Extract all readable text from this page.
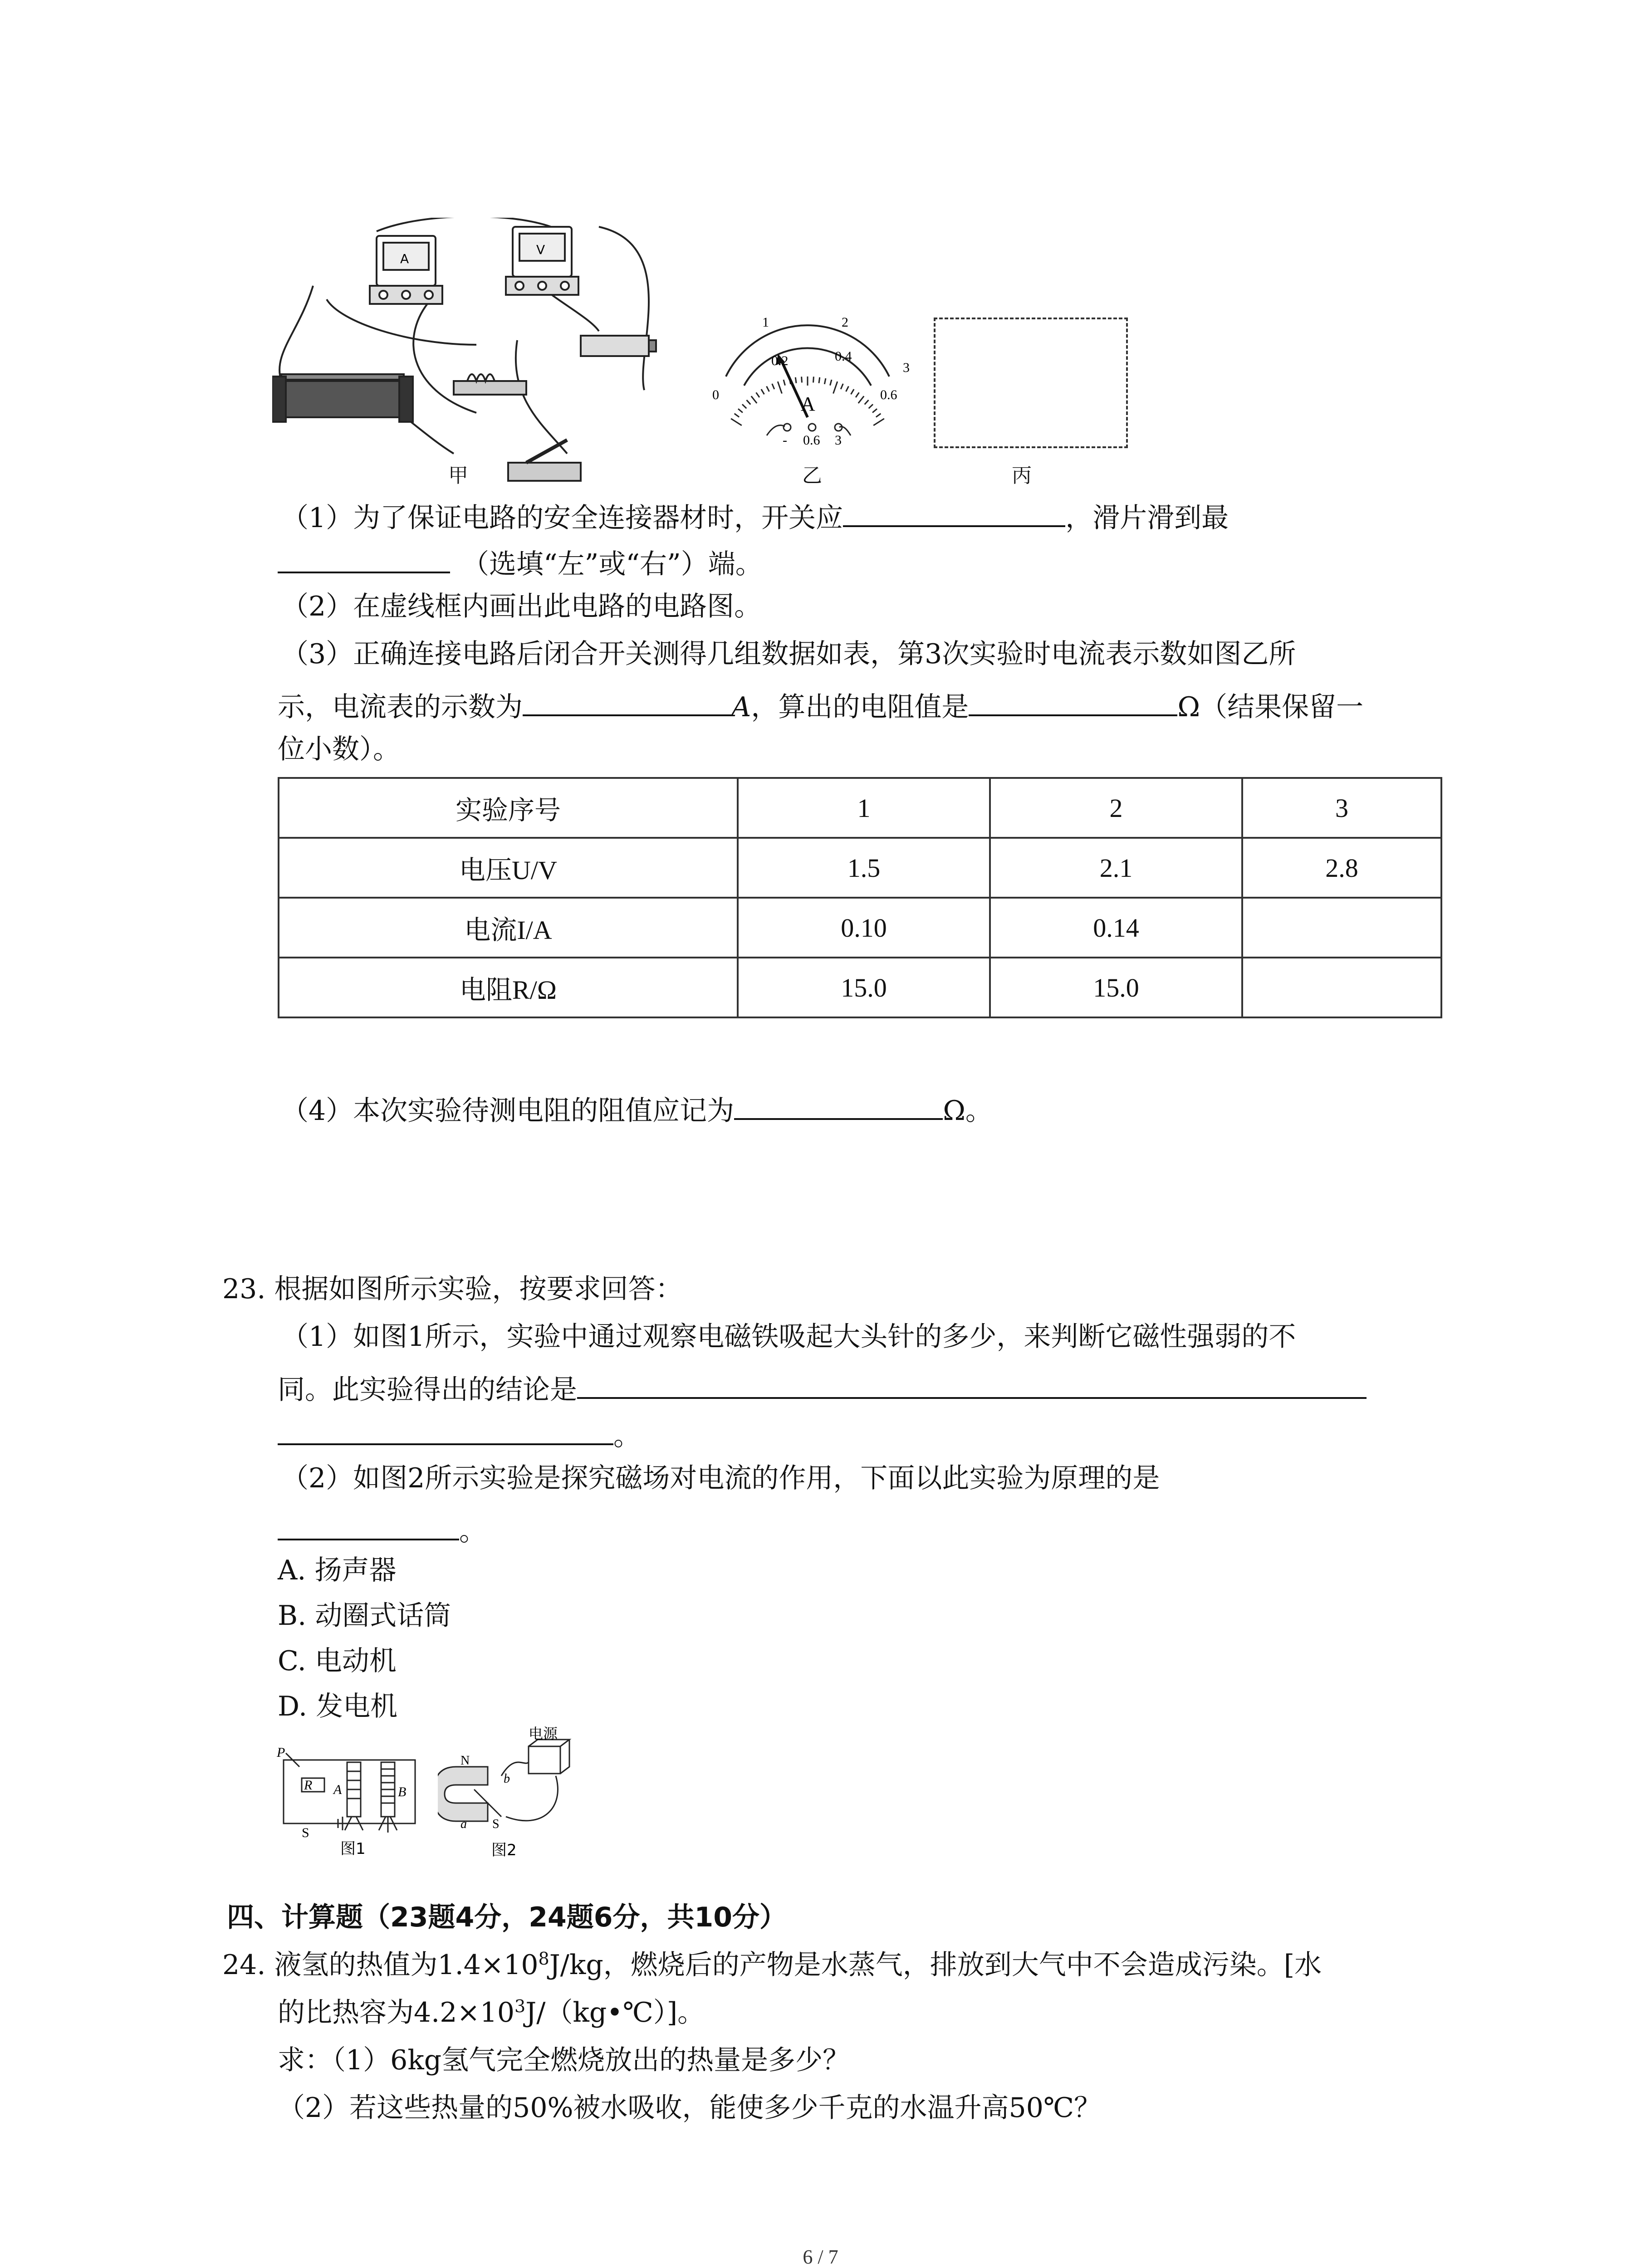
A
V
甲
1	2
3
0
0.2	0.4
0.6
A
- 0.6 3
乙	丙
（1）为了保证电路的安全连接器材时，开关应	，滑片滑到最
（选填“左”或“右”）端。
（2）在虚线框内画出此电路的电路图。
（3）正确连接电路后闭合开关测得几组数据如表，第3次实验时电流表示数如图乙所
示，电流表的示数为	A，算出的电阻值是	Ω（结果保留一
位小数）。
实验序号	1	2	3
电压U/V	1.5	2.1	2.8
电流I/A	0.10	0.14	
电阻R/Ω	15.0	15.0	
（4）本次实验待测电阻的阻值应记为	Ω。
23. 根据如图所示实验，按要求回答：
（1）如图1所示，实验中通过观察电磁铁吸起大头针的多少，来判断它磁性强弱的不
同。此实验得出的结论是
。
（2）如图2所示实验是探究磁场对电流的作用，下面以此实验为原理的是
。
A. 扬声器
B. 动圈式话筒
C. 电动机
D. 发电机
P
R A	B
S
图1
电源
N
S
a
b
图2
四、计算题（23题4分，24题6分，共10分）
24. 液氢的热值为$1.4\times 10^8J/kg$，燃烧后的产物是水蒸气，排放到大气中不会造成污染。[水
的比热容为$4.2\times 10^3J/(kg•℃)$]。
求：（1）6kg氢气完全燃烧放出的热量是多少？
（2）若这些热量的50%被水吸收，能使多少千克的水温升高50℃？
6 / 7
